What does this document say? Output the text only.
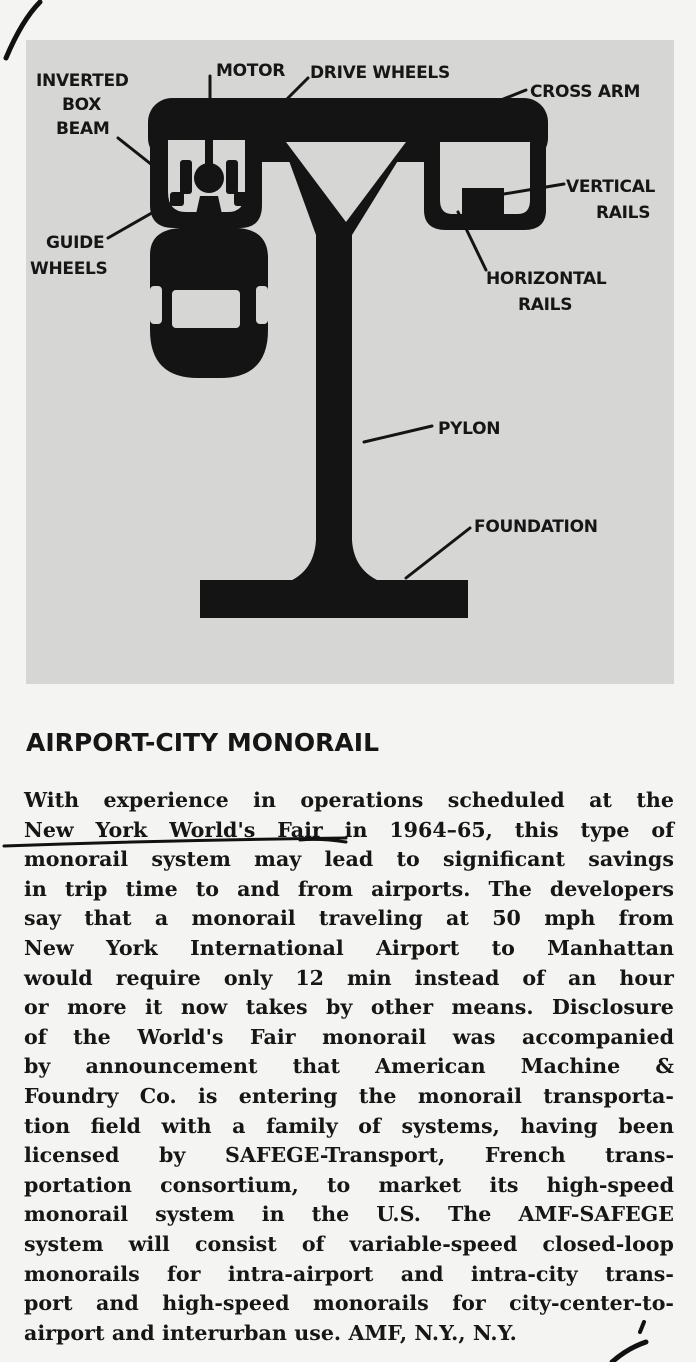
INVERTED
BOX
BEAM
MOTOR DRIVE WHEELS
CROSS ARM
VERTICAL
RAILS
HORIZONTAL
RAILS
GUIDE
WHEELS
PYLON
FOUNDATION
AIRPORT-CITY MONORAIL
With experience in operations scheduled at the
New York World's Fair in 1964–65, this type of
monorail system may lead to significant savings
in trip time to and from airports. The developers
say that a monorail traveling at 50 mph from
New York International Airport to Manhattan
would require only 12 min instead of an hour
or more it now takes by other means. Disclosure
of the World's Fair monorail was accompanied
by announcement that American Machine &
Foundry Co. is entering the monorail transporta-
tion field with a family of systems, having been
licensed by SAFEGE-Transport, French trans-
portation consortium, to market its high-speed
monorail system in the U.S. The AMF-SAFEGE
system will consist of variable-speed closed-loop
monorails for intra-airport and intra-city trans-
port and high-speed monorails for city-center-to-
airport and interurban use. AMF, N.Y., N.Y.
